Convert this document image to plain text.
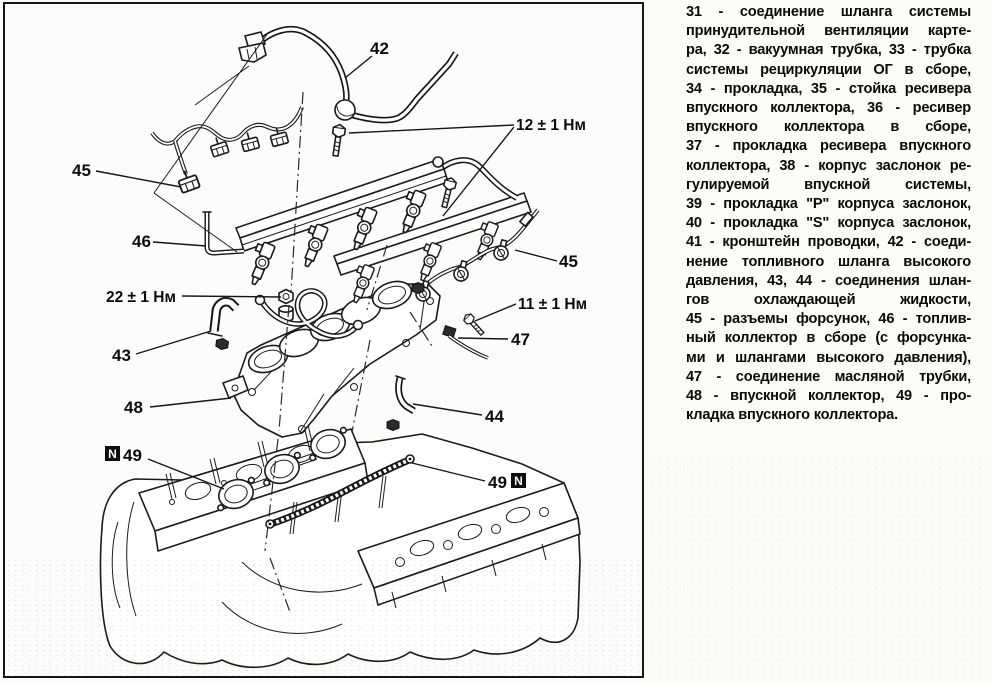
42
12 ± 1 Нм
45
46
22 ± 1 Нм
45
11 ± 1 Нм
47
43
48	44
N 49
49 N
31 - соединение шланга системы
принудительной вентиляции карте-
ра, 32 - вакуумная трубка, 33 - трубка
системы рециркуляции ОГ в сборе,
34 - прокладка, 35 - стойка ресивера
впускного коллектора, 36 - ресивер
впускного коллектора в сборе,
37 - прокладка ресивера впускного
коллектора, 38 - корпус заслонок ре-
гулируемой впускной системы,
39 - прокладка "P" корпуса заслонок,
40 - прокладка "S" корпуса заслонок,
41 - кронштейн проводки, 42 - соеди-
нение топливного шланга высокого
давления, 43, 44 - соединения шлан-
гов охлаждающей жидкости,
45 - разъемы форсунок, 46 - топлив-
ный коллектор в сборе (с форсунка-
ми и шлангами высокого давления),
47 - соединение масляной трубки,
48 - впускной коллектор, 49 - про-
кладка впускного коллектора.
